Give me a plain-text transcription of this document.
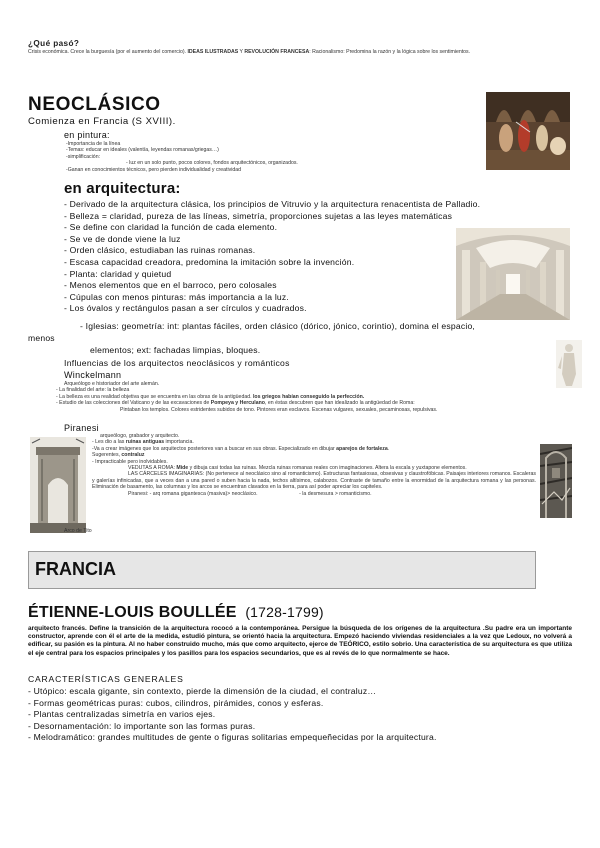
¿Qué pasó?
Crisis económica. Crece la burguesía (por el aumento del comercio). IDEAS ILUSTRADAS Y REVOLUCIÓN FRANCESA: Racionalismo: Predomina la razón y la lógica sobre los sentimientos.
NEOCLÁSICO
Comienza en Francia (S XVIII).
en pintura:
-Importancia de la línea
-Temas: educar en ideales (valentía, leyendas romanas/griegas…)
-simplificación:
- luz en un solo punto, pocos colores, fondos arquitectónicos, organizados.
-Ganan en conocimientos técnicos, pero pierden individualidad y creatividad
en arquitectura:
- Derivado de la arquitectura clásica, los principios de Vitruvio y la arquitectura renacentista de Palladio.
- Belleza = claridad, pureza de las líneas, simetría, proporciones sujetas a las leyes matemáticas
- Se define con claridad la función de cada elemento.
- Se ve de donde viene la luz
- Orden clásico, estudiaban las ruinas romanas.
- Escasa capacidad creadora, predomina la imitación sobre la invención.
- Planta: claridad y quietud
- Menos elementos que en el barroco, pero colosales
- Cúpulas con menos pinturas: más importancia a la luz.
- Los óvalos y rectángulos pasan a ser círculos y cuadrados.
- Iglesias: geometría: int: plantas fáciles, orden clásico (dórico, jónico, corintio), domina el espacio,
menos
elementos; ext: fachadas limpias, bloques.
Influencias de los arquitectos neoclásicos y románticos
Winckelmann
Arqueólogo e historiador del arte alemán.
- La finalidad del arte: la belleza
- La belleza es una realidad objetiva que se encuentra en las obras de la antigüedad. los griegos habían conseguido la perfección.
- Estudio de las colecciones del Vaticano y de las excavaciones de Pompeya y Herculano, en éstas descubren que han idealizado la antigüedad de Roma:
Pintaban los templos. Colores estridentes subidos de tono. Pintores eran esclavos. Escenas vulgares, sexuales, pecaminosas, repulsivas.
Piranesi
arqueólogo, grabador y arquitecto.
- Les dio a las ruinas antiguas importancia.
-Va a crear imágenes que los arquitectos posteriores van a buscar en sus obras. Especializado en dibujar aparejos de fortaleza.
Sugerentes, contraluz
- Impracticable pero inolvidables.
VEDUTAS A ROMA: Mide y dibuja casi todas las ruinas. Mezcla ruinas romanas reales con imaginaciones. Altera la escala y yuxtapone elementos.
LAS CÁRCELES IMAGINARIAS: (No pertenece al neoclásico sino al romanticismo). Estructuras fantasiosas, obsesivas y claustrofóbicas. Paisajes interiores romanos. Escaleras y galerías infinicadas, que a veces dan a una pared o suben hacia la nada, techos altísimos, calabozos. Contraste de tamaño entre la enormidad de la arquitectura romana y las personas. Eliminación de basamento, las columnas y los arcos se encuentran clavados en la tierra, para así poder apreciar los capiteles.
Piranesi: - arq romana gigantesca (masiva)> neoclásico.	- la desmesura > romanticismo.
Arco de Tito
FRANCIA
ÉTIENNE-LOUIS BOULLÉE (1728-1799)
arquitecto francés. Define la transición de la arquitectura rococó a la contemporánea. Persigue la búsqueda de los orígenes de la arquitectura .Su padre era un importante constructor, aprende con él el arte de la medida, estudió pintura, se orientó hacia la arquitectura. Empezó haciendo viviendas residenciales a la vez que Ledoux, no volverá a edificar, su pasión es la pintura. Al no haber construido mucho, más que como arquitecto, ejerce de TEÓRICO, estilo sobrio. Una característica de su arquitectura es que utiliza el eje central para los espacios principales y los pasillos para los espacios secundarios, que es al revés de lo que normalmente se hace.
CARACTERÍSTICAS GENERALES
- Utópico: escala gigante, sin contexto, pierde la dimensión de la ciudad, el contraluz…
- Formas geométricas puras: cubos, cilindros, pirámides, conos y esferas.
- Plantas centralizadas simetría en varios ejes.
- Desornamentación: lo importante son las formas puras.
- Melodramático: grandes multitudes de gente o figuras solitarias empequeñecidas por la arquitectura.
